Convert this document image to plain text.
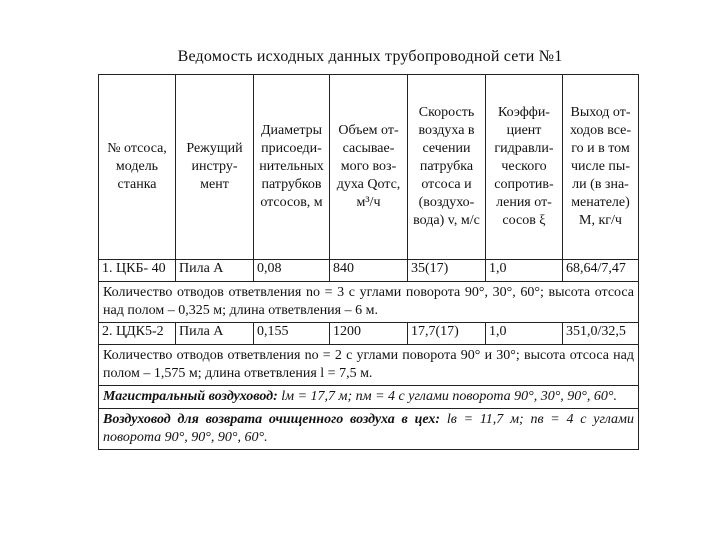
Ведомость исходных данных трубопроводной сети №1
№ отсоса, модель станка	Режущий инстру-мент	Диаметры присоеди-нительных патрубков отсосов, м	Объем от-сасывае-мого воз-духа Qотс, м³/ч	Скорость воздуха в сечении патрубка отсоса и (воздухо-вода) v, м/с	Коэффи-циент гидравли-ческого сопротив-ления от-сосов ξ	Выход от-ходов все-го и в том числе пы-ли (в зна-менателе) М, кг/ч
1. ЦКБ- 40	Пила А	0,08	840	35(17)	1,0	68,64/7,47
Количество отводов ответвления nо = 3 с углами поворота 90°, 30°, 60°; высота отсоса над полом – 0,325 м; длина ответвления – 6 м.						
2. ЦДК5-2	Пила А	0,155	1200	17,7(17)	1,0	351,0/32,5
Количество отводов ответвления nо = 2 с углами поворота 90° и 30°; высота отсоса над полом – 1,575 м; длина ответвления l = 7,5 м.						
Магистральный воздуховод: lм = 17,7 м; nм = 4 с углами поворота 90°, 30°, 90°, 60°.						
Воздуховод для возврата очищенного воздуха в цех: lв = 11,7 м; nв = 4 с углами поворота 90°, 90°, 90°, 60°.						
